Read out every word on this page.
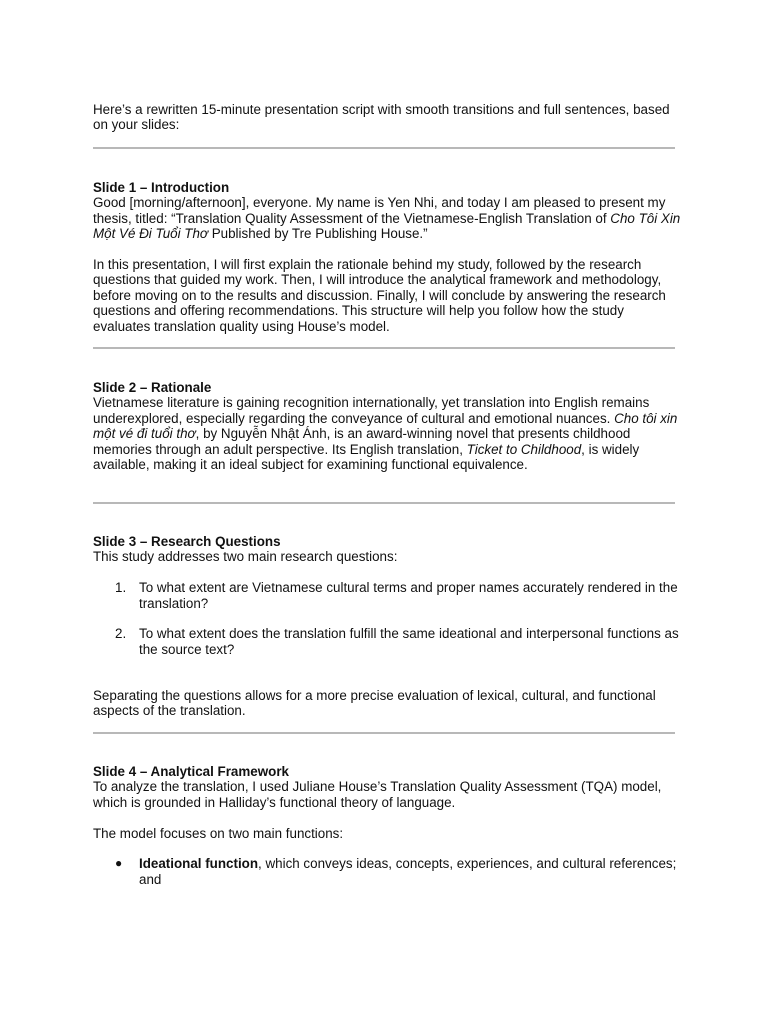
Here’s a rewritten 15-minute presentation script with smooth transitions and full sentences, based on your slides:

Slide 1 – Introduction

Good [morning/afternoon], everyone. My name is Yen Nhi, and today I am pleased to present my thesis, titled: “Translation Quality Assessment of the Vietnamese-English Translation of Cho Tôi Xin Một Vé Đi Tuổi Thơ Published by Tre Publishing House.”

In this presentation, I will first explain the rationale behind my study, followed by the research questions that guided my work. Then, I will introduce the analytical framework and methodology, before moving on to the results and discussion. Finally, I will conclude by answering the research questions and offering recommendations. This structure will help you follow how the study evaluates translation quality using House’s model.

Slide 2 – Rationale

Vietnamese literature is gaining recognition internationally, yet translation into English remains underexplored, especially regarding the conveyance of cultural and emotional nuances. Cho tôi xin một vé đi tuổi thơ, by Nguyễn Nhật Ánh, is an award-winning novel that presents childhood memories through an adult perspective. Its English translation, Ticket to Childhood, is widely available, making it an ideal subject for examining functional equivalence.

Slide 3 – Research Questions

This study addresses two main research questions:

1. To what extent are Vietnamese cultural terms and proper names accurately rendered in the translation?

2. To what extent does the translation fulfill the same ideational and interpersonal functions as the source text?

Separating the questions allows for a more precise evaluation of lexical, cultural, and functional aspects of the translation.

Slide 4 – Analytical Framework

To analyze the translation, I used Juliane House’s Translation Quality Assessment (TQA) model, which is grounded in Halliday’s functional theory of language.

The model focuses on two main functions:

● Ideational function, which conveys ideas, concepts, experiences, and cultural references; and
